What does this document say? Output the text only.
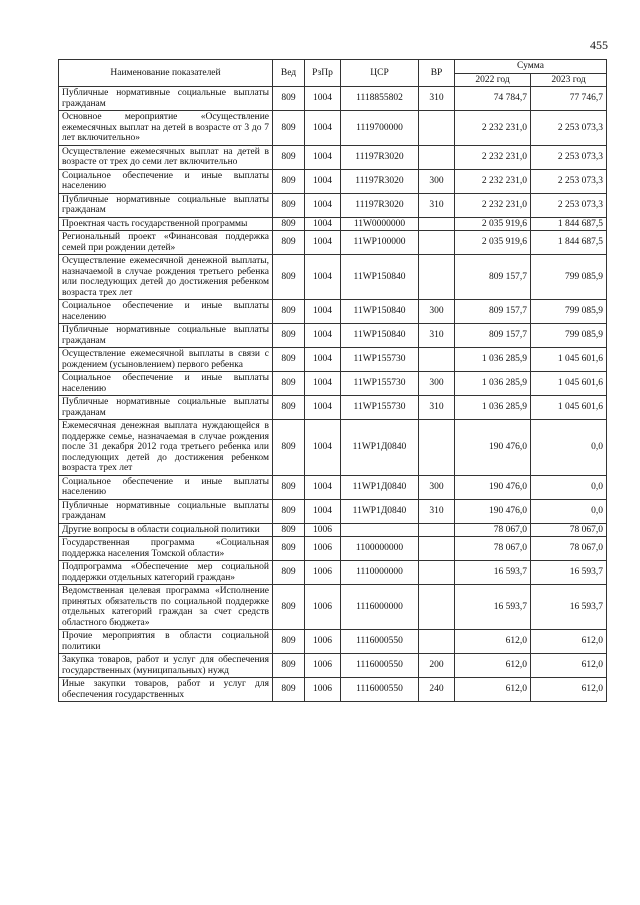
455
Наименование показателей	Вед	РзПр	ЦСР	ВР	Сумма	
					2022 год	2023 год
Публичные нормативные социальные выплаты гражданам	809	1004	1118855802	310	74 784,7	77 746,7
Основное мероприятие «Осуществление ежемесячных выплат на детей в возрасте от 3 до 7 лет включительно»	809	1004	1119700000		2 232 231,0	2 253 073,3
Осуществление ежемесячных выплат на детей в возрасте от трех до семи лет включительно	809	1004	11197R3020		2 232 231,0	2 253 073,3
Социальное обеспечение и иные выплаты населению	809	1004	11197R3020	300	2 232 231,0	2 253 073,3
Публичные нормативные социальные выплаты гражданам	809	1004	11197R3020	310	2 232 231,0	2 253 073,3
Проектная часть государственной программы	809	1004	11W0000000		2 035 919,6	1 844 687,5
Региональный проект «Финансовая поддержка семей при рождении детей»	809	1004	11WP100000		2 035 919,6	1 844 687,5
Осуществление ежемесячной денежной выплаты, назначаемой в случае рождения третьего ребенка или последующих детей до достижения ребенком возраста трех лет	809	1004	11WP150840		809 157,7	799 085,9
Социальное обеспечение и иные выплаты населению	809	1004	11WP150840	300	809 157,7	799 085,9
Публичные нормативные социальные выплаты гражданам	809	1004	11WP150840	310	809 157,7	799 085,9
Осуществление ежемесячной выплаты в связи с рождением (усыновлением) первого ребенка	809	1004	11WP155730		1 036 285,9	1 045 601,6
Социальное обеспечение и иные выплаты населению	809	1004	11WP155730	300	1 036 285,9	1 045 601,6
Публичные нормативные социальные выплаты гражданам	809	1004	11WP155730	310	1 036 285,9	1 045 601,6
Ежемесячная денежная выплата нуждающейся в поддержке семье, назначаемая в случае рождения после 31 декабря 2012 года третьего ребенка или последующих детей до достижения ребенком возраста трех лет	809	1004	11WP1Д0840		190 476,0	0,0
Социальное обеспечение и иные выплаты населению	809	1004	11WP1Д0840	300	190 476,0	0,0
Публичные нормативные социальные выплаты гражданам	809	1004	11WP1Д0840	310	190 476,0	0,0
Другие вопросы в области социальной политики	809	1006			78 067,0	78 067,0
Государственная программа «Социальная поддержка населения Томской области»	809	1006	1100000000		78 067,0	78 067,0
Подпрограмма «Обеспечение мер социальной поддержки отдельных категорий граждан»	809	1006	1110000000		16 593,7	16 593,7
Ведомственная целевая программа «Исполнение принятых обязательств по социальной поддержке отдельных категорий граждан за счет средств областного бюджета»	809	1006	1116000000		16 593,7	16 593,7
Прочие мероприятия в области социальной политики	809	1006	1116000550		612,0	612,0
Закупка товаров, работ и услуг для обеспечения государственных (муниципальных) нужд	809	1006	1116000550	200	612,0	612,0
Иные закупки товаров, работ и услуг для обеспечения государственных	809	1006	1116000550	240	612,0	612,0
